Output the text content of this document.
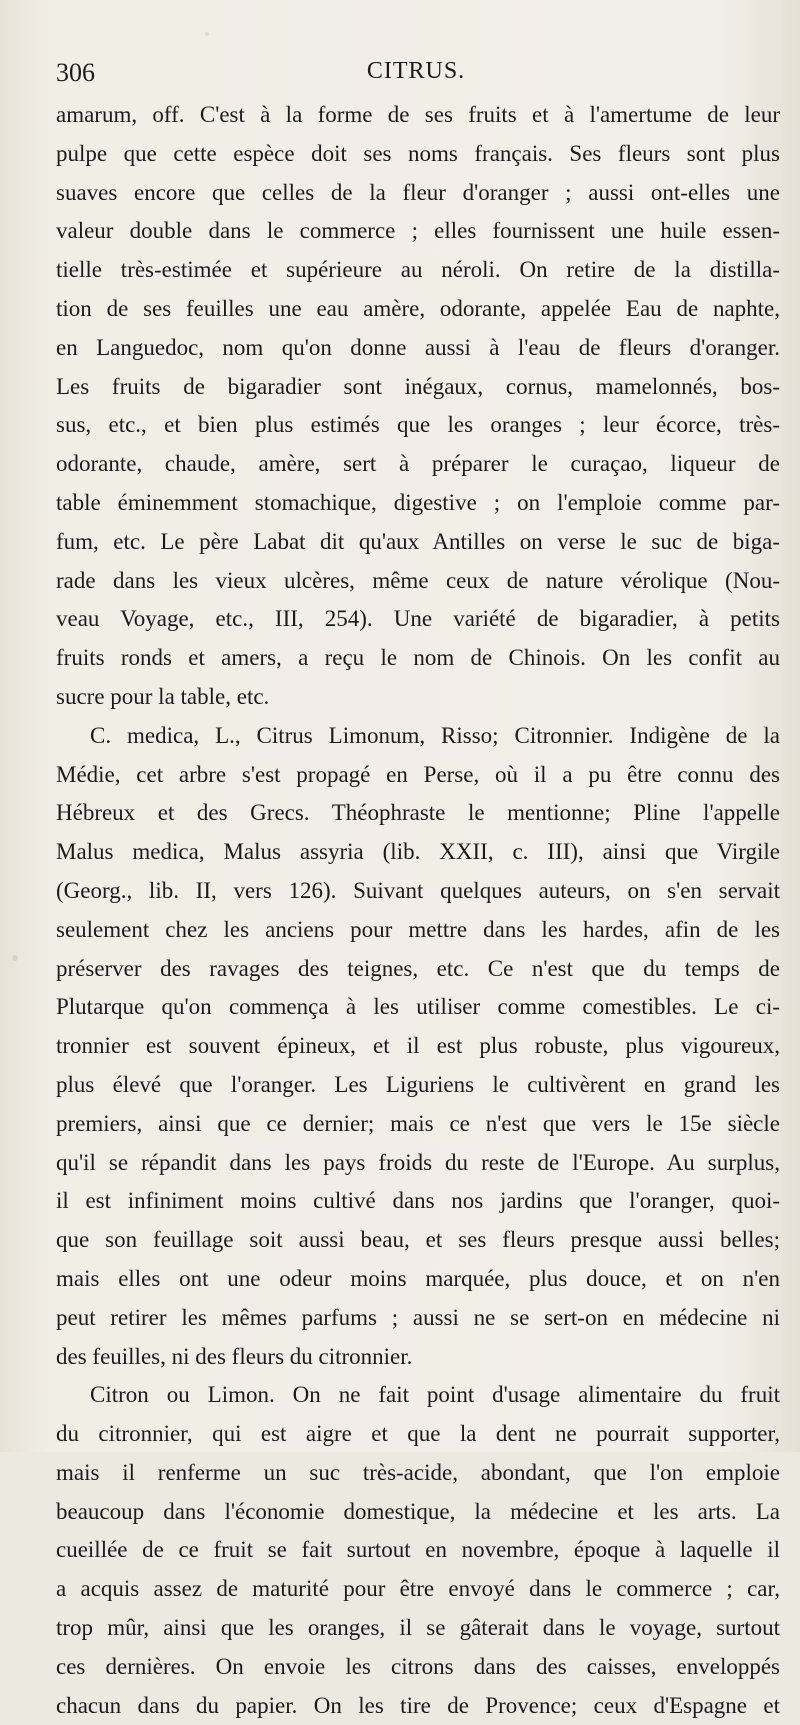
306	CITRUS.
amarum, off. C'est à la forme de ses fruits et à l'amertume de leur
pulpe que cette espèce doit ses noms français. Ses fleurs sont plus
suaves encore que celles de la fleur d'oranger ; aussi ont-elles une
valeur double dans le commerce ; elles fournissent une huile essen-
tielle très-estimée et supérieure au néroli. On retire de la distilla-
tion de ses feuilles une eau amère, odorante, appelée Eau de naphte,
en Languedoc, nom qu'on donne aussi à l'eau de fleurs d'oranger.
Les fruits de bigaradier sont inégaux, cornus, mamelonnés, bos-
sus, etc., et bien plus estimés que les oranges ; leur écorce, très-
odorante, chaude, amère, sert à préparer le curaçao, liqueur de
table éminemment stomachique, digestive ; on l'emploie comme par-
fum, etc. Le père Labat dit qu'aux Antilles on verse le suc de biga-
rade dans les vieux ulcères, même ceux de nature vérolique (Nou-
veau Voyage, etc., III, 254). Une variété de bigaradier, à petits
fruits ronds et amers, a reçu le nom de Chinois. On les confit au
sucre pour la table, etc.
C. medica, L., Citrus Limonum, Risso; Citronnier. Indigène de la
Médie, cet arbre s'est propagé en Perse, où il a pu être connu des
Hébreux et des Grecs. Théophraste le mentionne; Pline l'appelle
Malus medica, Malus assyria (lib. XXII, c. III), ainsi que Virgile
(Georg., lib. II, vers 126). Suivant quelques auteurs, on s'en servait
seulement chez les anciens pour mettre dans les hardes, afin de les
préserver des ravages des teignes, etc. Ce n'est que du temps de
Plutarque qu'on commença à les utiliser comme comestibles. Le ci-
tronnier est souvent épineux, et il est plus robuste, plus vigoureux,
plus élevé que l'oranger. Les Liguriens le cultivèrent en grand les
premiers, ainsi que ce dernier; mais ce n'est que vers le 15e siècle
qu'il se répandit dans les pays froids du reste de l'Europe. Au surplus,
il est infiniment moins cultivé dans nos jardins que l'oranger, quoi-
que son feuillage soit aussi beau, et ses fleurs presque aussi belles;
mais elles ont une odeur moins marquée, plus douce, et on n'en
peut retirer les mêmes parfums ; aussi ne se sert-on en médecine ni
des feuilles, ni des fleurs du citronnier.
Citron ou Limon. On ne fait point d'usage alimentaire du fruit
du citronnier, qui est aigre et que la dent ne pourrait supporter,
mais il renferme un suc très-acide, abondant, que l'on emploie
beaucoup dans l'économie domestique, la médecine et les arts. La
cueillée de ce fruit se fait surtout en novembre, époque à laquelle il
a acquis assez de maturité pour être envoyé dans le commerce ; car,
trop mûr, ainsi que les oranges, il se gâterait dans le voyage, surtout
ces dernières. On envoie les citrons dans des caisses, enveloppés
chacun dans du papier. On les tire de Provence; ceux d'Espagne et
